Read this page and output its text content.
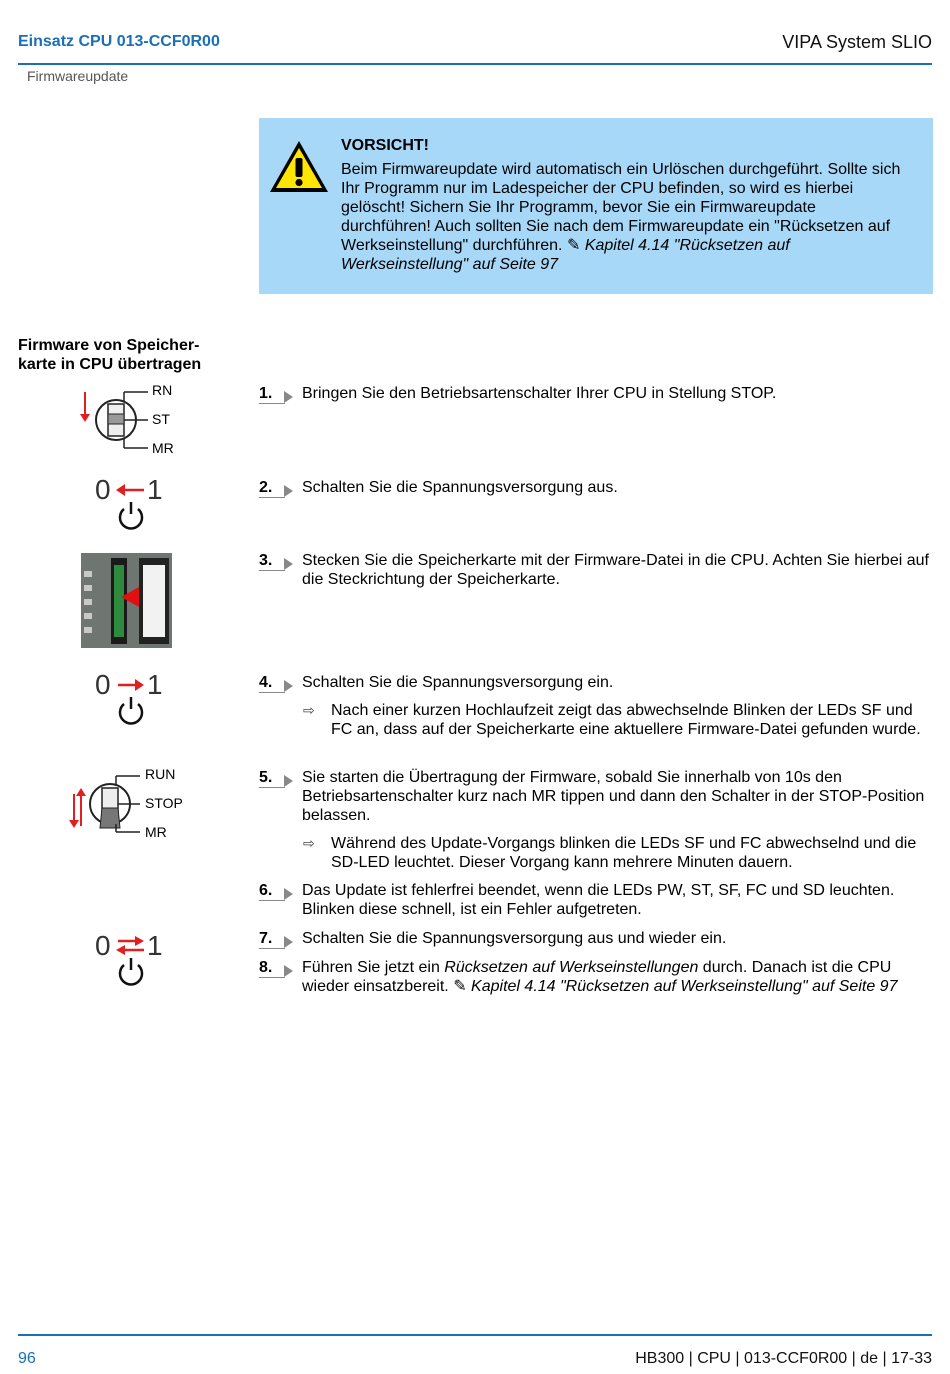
Einsatz CPU 013-CCF0R00	VIPA System SLIO
Firmwareupdate
VORSICHT!
Beim Firmwareupdate wird automatisch ein Urlöschen durchgeführt. Sollte sich Ihr Programm nur im Ladespeicher der CPU befinden, so wird es hierbei gelöscht! Sichern Sie Ihr Programm, bevor Sie ein Firmwareupdate durchführen! Auch sollten Sie nach dem Firmwareupdate ein "Rücksetzen auf Werkseinstellung" durchführen. ✎ Kapitel 4.14 "Rücksetzen auf Werkseinstellung" auf Seite 97
Firmware von Speicherkarte in CPU übertragen
RN
ST
MR
0 1
0 1
RUN
STOP
MR
0 1
1.	Bringen Sie den Betriebsartenschalter Ihrer CPU in Stellung STOP.
2.	Schalten Sie die Spannungsversorgung aus.
3.	Stecken Sie die Speicherkarte mit der Firmware-Datei in die CPU. Achten Sie hierbei auf die Steckrichtung der Speicherkarte.
4.	Schalten Sie die Spannungsversorgung ein.
⇨ Nach einer kurzen Hochlaufzeit zeigt das abwechselnde Blinken der LEDs SF und FC an, dass auf der Speicherkarte eine aktuellere Firmware-Datei gefunden wurde.
5.	Sie starten die Übertragung der Firmware, sobald Sie innerhalb von 10s den Betriebsartenschalter kurz nach MR tippen und dann den Schalter in der STOP-Position belassen.
⇨ Während des Update-Vorgangs blinken die LEDs SF und FC abwechselnd und die SD-LED leuchtet. Dieser Vorgang kann mehrere Minuten dauern.
6.	Das Update ist fehlerfrei beendet, wenn die LEDs PW, ST, SF, FC und SD leuchten. Blinken diese schnell, ist ein Fehler aufgetreten.
7.	Schalten Sie die Spannungsversorgung aus und wieder ein.
8.	Führen Sie jetzt ein Rücksetzen auf Werkseinstellungen durch. Danach ist die CPU wieder einsatzbereit. ✎ Kapitel 4.14 "Rücksetzen auf Werkseinstellung" auf Seite 97
96	HB300 | CPU | 013-CCF0R00 | de | 17-33
